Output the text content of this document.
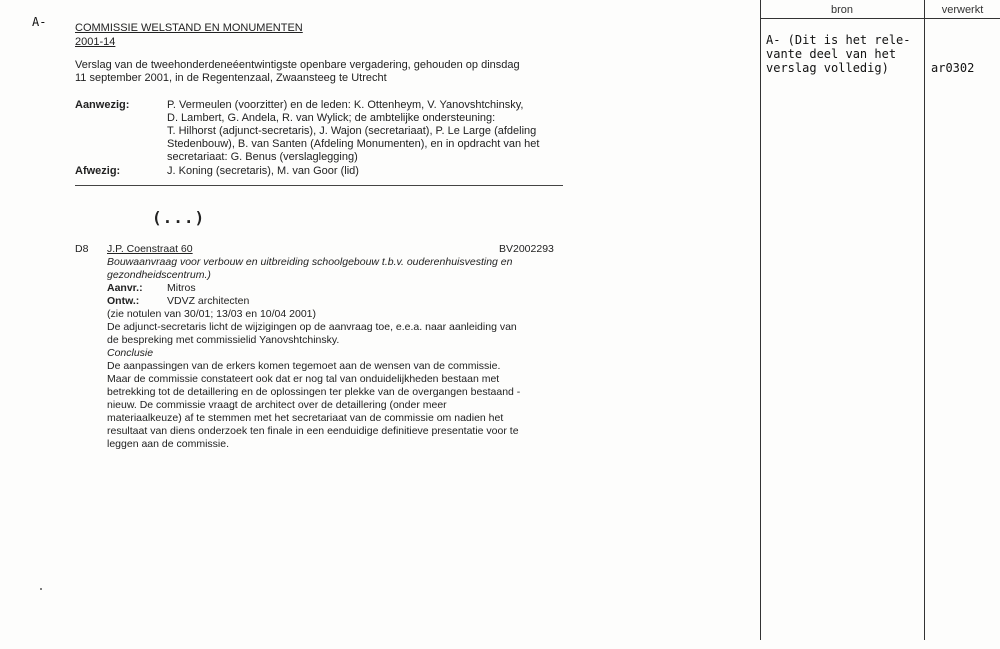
A-	COMMISSIE WELSTAND EN MONUMENTEN
2001-14
Verslag van de tweehonderdeneéentwintigste openbare vergadering, gehouden op dinsdag
11 september 2001, in de Regentenzaal, Zwaansteeg te Utrecht
Aanwezig:	P. Vermeulen (voorzitter) en de leden: K. Ottenheym, V. Yanovshtchinsky,
D. Lambert, G. Andela, R. van Wylick; de ambtelijke ondersteuning:
T. Hilhorst (adjunct-secretaris), J. Wajon (secretariaat), P. Le Large (afdeling
Stedenbouw), B. van Santen (Afdeling Monumenten), en in opdracht van het
secretariaat: G. Benus (verslaglegging)
Afwezig:	J. Koning (secretaris), M. van Goor (lid)
(...)
D8 J.P. Coenstraat 60	BV2002293
Bouwaanvraag voor verbouw en uitbreiding schoolgebouw t.b.v. ouderenhuisvesting en
gezondheidscentrum.)
Aanvr.: Mitros
Ontw.:	VDVZ architecten
(zie notulen van 30/01; 13/03 en 10/04 2001)
De adjunct-secretaris licht de wijzigingen op de aanvraag toe, e.e.a. naar aanleiding van
de bespreking met commissielid Yanovshtchinsky.
Conclusie
De aanpassingen van de erkers komen tegemoet aan de wensen van de commissie.
Maar de commissie constateert ook dat er nog tal van onduidelijkheden bestaan met
betrekking tot de detaillering en de oplossingen ter plekke van de overgangen bestaand -
nieuw. De commissie vraagt de architect over de detaillering (onder meer
materiaalkeuze) af te stemmen met het secretariaat van de commissie om nadien het
resultaat van diens onderzoek ten finale in een eenduidige definitieve presentatie voor te
leggen aan de commissie.
bron	verwerkt
A- (Dit is het rele-
vante deel van het
verslag volledig)	ar0302
